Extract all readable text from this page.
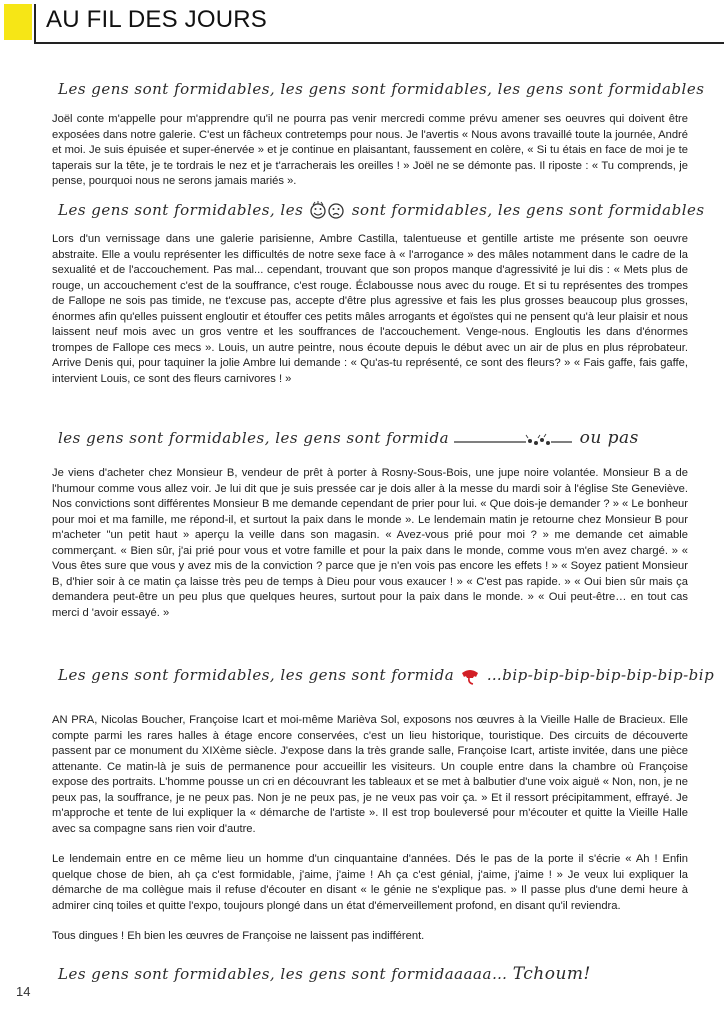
AU FIL DES JOURS
Les gens sont formidables, les gens sont formidables, les gens sont formidables

Joël conte m'appelle pour m'apprendre qu'il ne pourra pas venir mercredi comme prévu amener ses oeuvres qui doivent être exposées dans notre galerie. C'est un fâcheux contretemps pour nous. Je l'avertis « Nous avons travaillé toute la journée, André et moi. Je suis épuisée et super-énervée » et je continue en plaisantant, faussement en colère, « Si tu étais en face de moi je te taperais sur la tête, je te tordrais le nez et je t'arracherais les oreilles ! » Joël ne se démonte pas. Il riposte : « Tu comprends, je pense, pourquoi nous ne serons jamais mariés ».

Les gens sont formidables, les	sont formidables, les gens sont formidables

Lors d'un vernissage dans une galerie parisienne, Ambre Castilla, talentueuse et gentille artiste me présente son oeuvre abstraite. Elle a voulu représenter les difficultés de notre sexe face à « l'arrogance » des mâles notamment dans le cadre de la sexualité et de l'accouchement. Pas mal... cependant, trouvant que son propos manque d'agressivité je lui dis : « Mets plus de rouge, un accouchement c'est de la souffrance, c'est rouge. Éclabousse nous avec du rouge. Et si tu représentes des trompes de Fallope ne sois pas timide, ne t'excuse pas, accepte d'être plus agressive et fais les plus grosses beaucoup plus grosses, énormes afin qu'elles puissent engloutir et étouffer ces petits mâles arrogants et égoïstes qui ne pensent qu'à leur plaisir et nous laissent neuf mois avec un gros ventre et les souffrances de l'accouchement. Venge-nous. Engloutis les dans d'énormes trompes de Fallope ces mecs ». Louis, un autre peintre, nous écoute depuis le début avec un air de plus en plus réprobateur. Arrive Denis qui, pour taquiner la jolie Ambre lui demande : « Qu'as-tu représenté, ce sont des fleurs? » « Fais gaffe, fais gaffe, intervient Louis, ce sont des fleurs carnivores ! »

les gens sont formidables, les gens sont formida	ou pas

Je viens d'acheter chez Monsieur B, vendeur de prêt à porter à Rosny-Sous-Bois, une jupe noire volantée. Monsieur B a de l'humour comme vous allez voir. Je lui dit que je suis pressée car je dois aller à la messe du mardi soir à l'église Ste Geneviève. Nos convictions sont différentes Monsieur B me demande cependant de prier pour lui. « Que dois-je demander ? » « Le bonheur pour moi et ma famille, me répond-il, et surtout la paix dans le monde ». Le lendemain matin je retourne chez Monsieur B pour m'acheter "un petit haut » aperçu la veille dans son magasin. « Avez-vous prié pour moi ? » me demande cet aimable commerçant. « Bien sûr, j'ai prié pour vous et votre famille et pour la paix dans le monde, comme vous m'en avez chargé. » « Vous êtes sure que vous y avez mis de la conviction ? parce que je n'en vois pas encore les effets ! » « Soyez patient Monsieur B, d'hier soir à ce matin ça laisse très peu de temps à Dieu pour vous exaucer ! » « C'est pas rapide. » « Oui bien sûr mais ça demandera peut-être un peu plus que quelques heures, surtout pour la paix dans le monde. » « Oui peut-être… en tout cas merci d 'avoir essayé. »

Les gens sont formidables, les gens sont formida …bip-bip-bip-bip-bip-bip-bip

AN PRA, Nicolas Boucher, Françoise Icart et moi-même Marièva Sol, exposons nos œuvres à la Vieille Halle de Bracieux. Elle compte parmi les rares halles à étage encore conservées, c'est un lieu historique, touristique. Des circuits de découverte passent par ce monument du XIXème siècle. J'expose dans la très grande salle, Françoise Icart, artiste invitée, dans une pièce attenante. Ce matin-là je suis de permanence pour accueillir les visiteurs. Un couple entre dans la chambre où Françoise expose des portraits. L'homme pousse un cri en découvrant les tableaux et se met à balbutier d'une voix aiguë « Non, non, je ne peux pas, la souffrance, je ne peux pas. Non je ne peux pas, je ne veux pas voir ça. » Et il ressort précipitamment, effrayé. Je m'approche et tente de lui expliquer la « démarche de l'artiste ». Il est trop bouleversé pour m'écouter et quitte la Vieille Halle avec sa compagne sans rien voir d'autre.

Le lendemain entre en ce même lieu un homme d'un cinquantaine d'années. Dés le pas de la porte il s'écrie « Ah ! Enfin quelque chose de bien, ah ça c'est formidable, j'aime, j'aime ! Ah ça c'est génial, j'aime, j'aime ! » Je veux lui expliquer la démarche de ma collègue mais il refuse d'écouter en disant « le génie ne s'explique pas. » Il passe plus d'une demi heure à admirer cinq toiles et quitte l'expo, toujours plongé dans un état d'émerveillement profond, en disant qu'il reviendra.

Tous dingues ! Eh bien les œuvres de Françoise ne laissent pas indifférent.

Les gens sont formidables, les gens sont formidaaaaa… Tchoum!
14
